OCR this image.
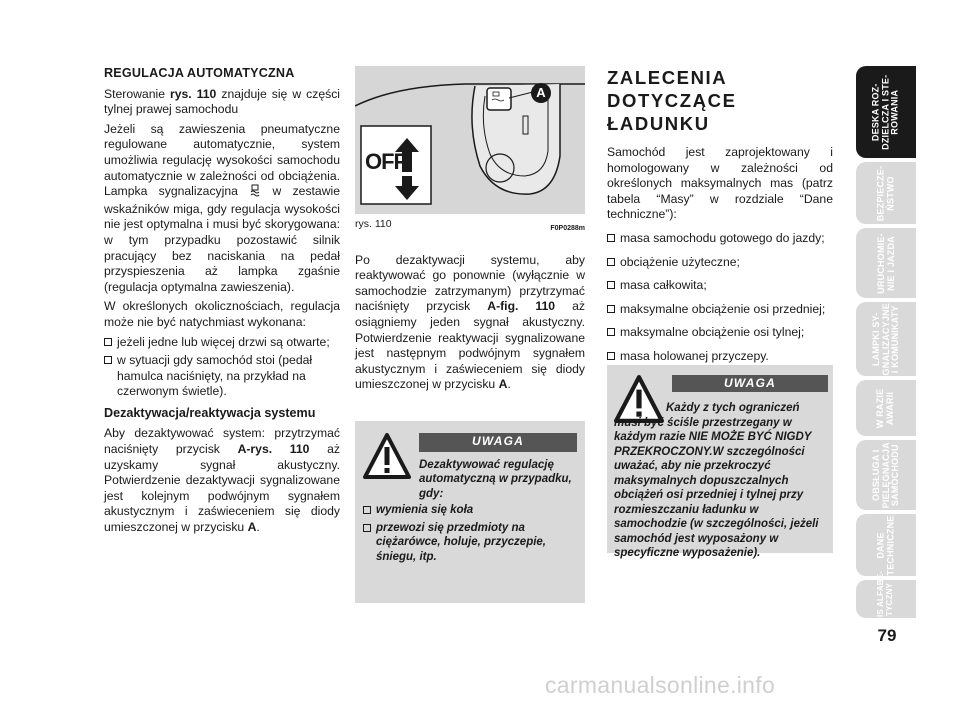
REGULACJA AUTOMATYCZNA

Sterowanie rys. 110 znajduje się w części tylnej prawej samochodu

Jeżeli są zawieszenia pneumatyczne regulowane automatycznie, system umożliwia regulację wysokości samochodu automatycznie w zależności od obciążenia. Lampka sygnalizacyjna  w zestawie wskaźników miga, gdy regulacja wysokości nie jest optymalna i musi być skorygowana: w tym przypadku pozostawić silnik pracujący bez naciskania na pedał przyspieszenia aż lampka zgaśnie (regulacja optymalna zawieszenia).

W określonych okolicznościach, regulacja może nie być natychmiast wykonana:

jeżeli jedne lub więcej drzwi są otwarte;
w sytuacji gdy samochód stoi (pedał hamulca naciśnięty, na przykład na czerwonym świetle).
Dezaktywacja/reaktywacja systemu

Aby dezaktywować system: przytrzymać naciśnięty przycisk A-rys. 110 aż uzyskamy sygnał akustyczny. Potwierdzenie dezaktywacji sygnalizowane jest kolejnym podwójnym sygnałem akustycznym i zaświeceniem się diody umieszczonej w przycisku A.

OFF
A
rys. 110	F0P0288m

Po dezaktywacji systemu, aby reaktywować go ponownie (wyłącznie w samochodzie zatrzymanym) przytrzymać naciśnięty przycisk A-fig. 110 aż osiągniemy jeden sygnał akustyczny. Potwierdzenie reaktywacji sygnalizowane jest następnym podwójnym sygnałem akustycznym i zaświeceniem się diody umieszczonej w przycisku A.

UWAGA
Dezaktywować regulację automatyczną w przypadku, gdy:
wymienia się koła
przewozi się przedmioty na ciężarówce, holuje, przyczepie, śniegu, itp.
ZALECENIA
DOTYCZĄCE
ŁADUNKU

Samochód jest zaprojektowany i homologowany w zależności od określonych maksymalnych mas (patrz tabela “Masy” w rozdziale “Dane techniczne”):

masa samochodu gotowego do jazdy;
obciążenie użyteczne;
masa całkowita;
maksymalne obciążenie osi przedniej;
maksymalne obciążenie osi tylnej;
masa holowanej przyczepy.
UWAGA
Każdy z tych ograniczeń musi być ściśle przestrzegany w każdym razie NIE MOŻE BYĆ NIGDY PRZEKROCZONY.W szczególności uważać, aby nie przekroczyć maksymalnych dopuszczalnych obciążeń osi przedniej i tylnej przy rozmieszczaniu ładunku w samochodzie (w szczególności, jeżeli samochód jest wyposażony w specyficzne wyposażenie).
DESKA ROZ- DZIELCZA I STE- ROWANIA
BEZPIECZE- ŃSTWO
URUCHOMIE- NIE I JAZDA
LAMPKI SY- GNALIZACYJNE I KOMUNIKATY
W RAZIE AWARII
OBSŁUGA I PIELĘGNACJA SAMOCHODU
DANE TECHNICZNE
SPIS ALFABE- TYCZNY
79
carmanualsonline.info
